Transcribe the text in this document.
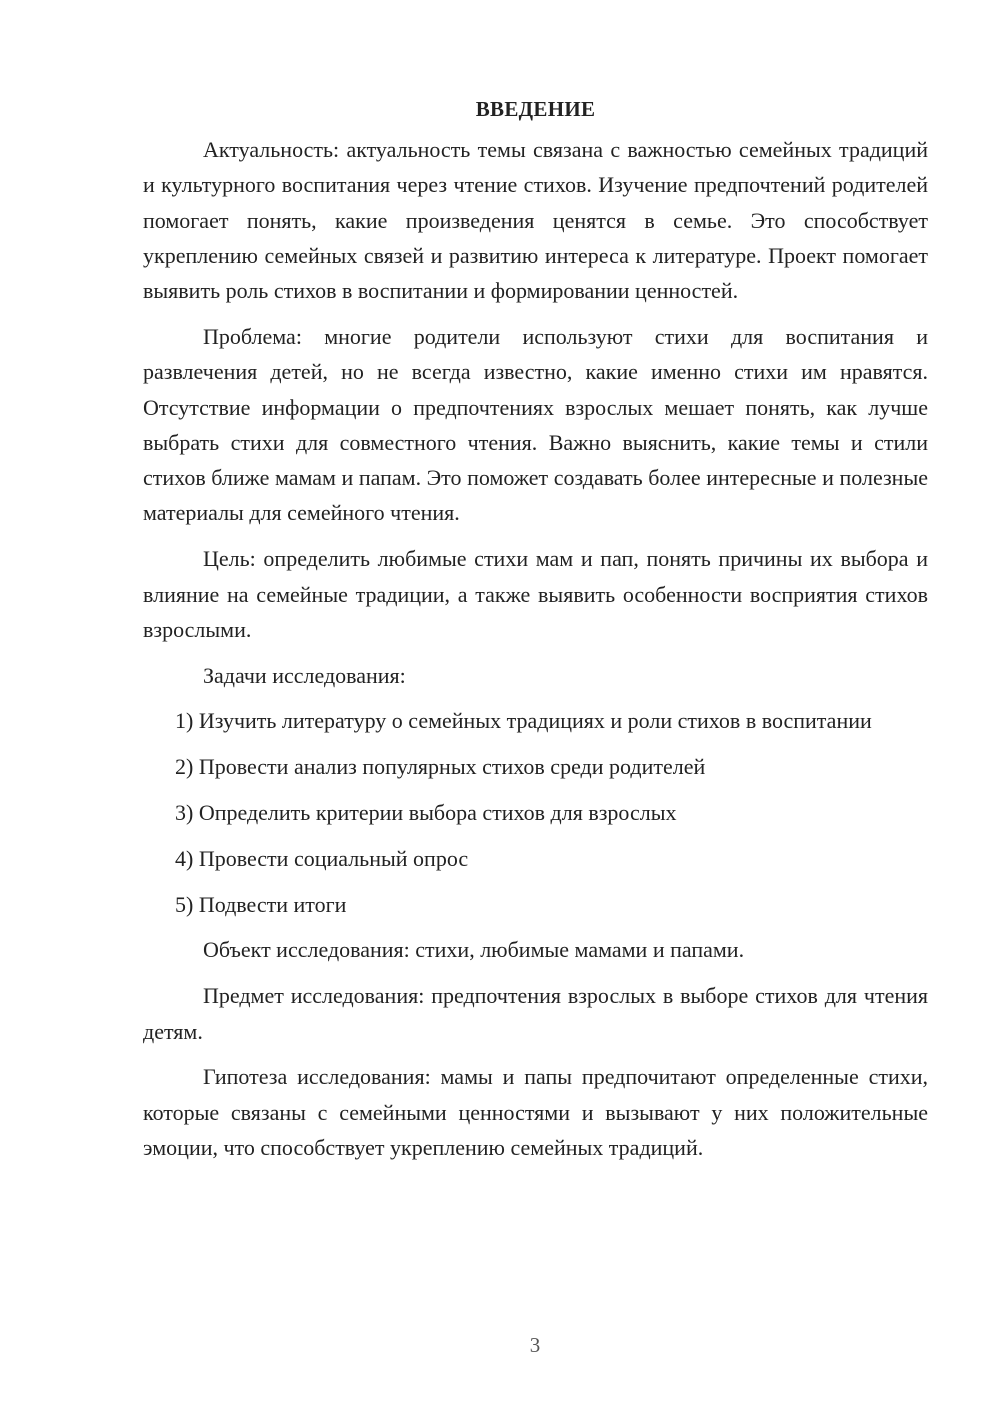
ВВЕДЕНИЕ

Актуальность: актуальность темы связана с важностью семейных традиций и культурного воспитания через чтение стихов. Изучение предпочтений родителей помогает понять, какие произведения ценятся в семье. Это способствует укреплению семейных связей и развитию интереса к литературе. Проект помогает выявить роль стихов в воспитании и формировании ценностей.

Проблема: многие родители используют стихи для воспитания и развлечения детей, но не всегда известно, какие именно стихи им нравятся. Отсутствие информации о предпочтениях взрослых мешает понять, как лучше выбрать стихи для совместного чтения. Важно выяснить, какие темы и стили стихов ближе мамам и папам. Это поможет создавать более интересные и полезные материалы для семейного чтения.

Цель: определить любимые стихи мам и пап, понять причины их выбора и влияние на семейные традиции, а также выявить особенности восприятия стихов взрослыми.

Задачи исследования:

1) Изучить литературу о семейных традициях и роли стихов в воспитании

2) Провести анализ популярных стихов среди родителей

3) Определить критерии выбора стихов для взрослых

4) Провести социальный опрос

5) Подвести итоги

Объект исследования: стихи, любимые мамами и папами.

Предмет исследования: предпочтения взрослых в выборе стихов для чтения детям.

Гипотеза исследования: мамы и папы предпочитают определенные стихи, которые связаны с семейными ценностями и вызывают у них положительные эмоции, что способствует укреплению семейных традиций.

3
